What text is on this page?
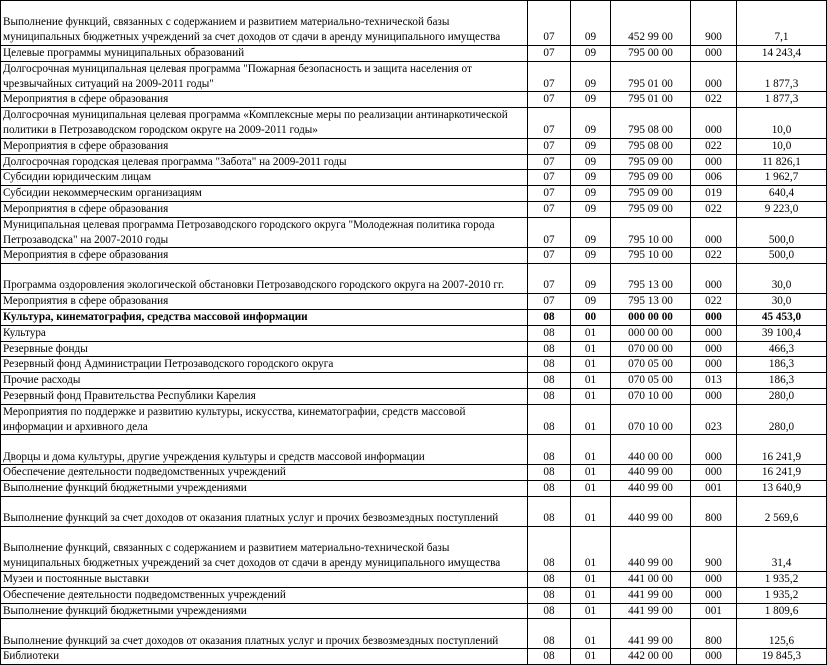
Выполнение функций, связанных с содержанием и развитием материально-технической базы муниципальных бюджетных учреждений за счет доходов от сдачи в аренду муниципального имущества	07	09	452 99 00	900	7,1
Целевые программы муниципальных образований	07	09	795 00 00	000	14 243,4
Долгосрочная муниципальная целевая программа "Пожарная безопасность и защита населения от чрезвычайных ситуаций на 2009-2011 годы"	07	09	795 01 00	000	1 877,3
Мероприятия в сфере образования	07	09	795 01 00	022	1 877,3
Долгосрочная муниципальная целевая программа «Комплексные меры по реализации антинаркотической политики в Петрозаводском городском округе на 2009-2011 годы»	07	09	795 08 00	000	10,0
Мероприятия в сфере образования	07	09	795 08 00	022	10,0
Долгосрочная городская целевая программа "Забота" на 2009-2011 годы	07	09	795 09 00	000	11 826,1
Субсидии юридическим лицам	07	09	795 09 00	006	1 962,7
Субсидии некоммерческим организациям	07	09	795 09 00	019	640,4
Мероприятия в сфере образования	07	09	795 09 00	022	9 223,0
Муниципальная целевая программа Петрозаводского городского округа "Молодежная политика города Петрозаводска" на 2007-2010 годы	07	09	795 10 00	000	500,0
Мероприятия в сфере образования	07	09	795 10 00	022	500,0
Программа оздоровления экологической обстановки Петрозаводского городского округа на 2007-2010 гг.	07	09	795 13 00	000	30,0
Мероприятия в сфере образования	07	09	795 13 00	022	30,0
Культура, кинематография, средства массовой информации	08	00	000 00 00	000	45 453,0
Культура	08	01	000 00 00	000	39 100,4
Резервные фонды	08	01	070 00 00	000	466,3
Резервный фонд Администрации Петрозаводского городского округа	08	01	070 05 00	000	186,3
Прочие расходы	08	01	070 05 00	013	186,3
Резервный фонд Правительства Республики Карелия	08	01	070 10 00	000	280,0
Мероприятия по поддержке и развитию культуры, искусства, кинематографии, средств массовой информации и архивного дела	08	01	070 10 00	023	280,0
Дворцы и дома культуры, другие учреждения культуры и средств массовой информации	08	01	440 00 00	000	16 241,9
Обеспечение деятельности подведомственных учреждений	08	01	440 99 00	000	16 241,9
Выполнение функций бюджетными учреждениями	08	01	440 99 00	001	13 640,9
Выполнение функций за счет доходов от оказания платных услуг и прочих безвозмездных поступлений	08	01	440 99 00	800	2 569,6
Выполнение функций, связанных с содержанием и развитием материально-технической базы муниципальных бюджетных учреждений за счет доходов от сдачи в аренду муниципального имущества	08	01	440 99 00	900	31,4
Музеи и постоянные выставки	08	01	441 00 00	000	1 935,2
Обеспечение деятельности подведомственных учреждений	08	01	441 99 00	000	1 935,2
Выполнение функций бюджетными учреждениями	08	01	441 99 00	001	1 809,6
Выполнение функций за счет доходов от оказания платных услуг и прочих безвозмездных поступлений	08	01	441 99 00	800	125,6
Библиотеки	08	01	442 00 00	000	19 845,3
